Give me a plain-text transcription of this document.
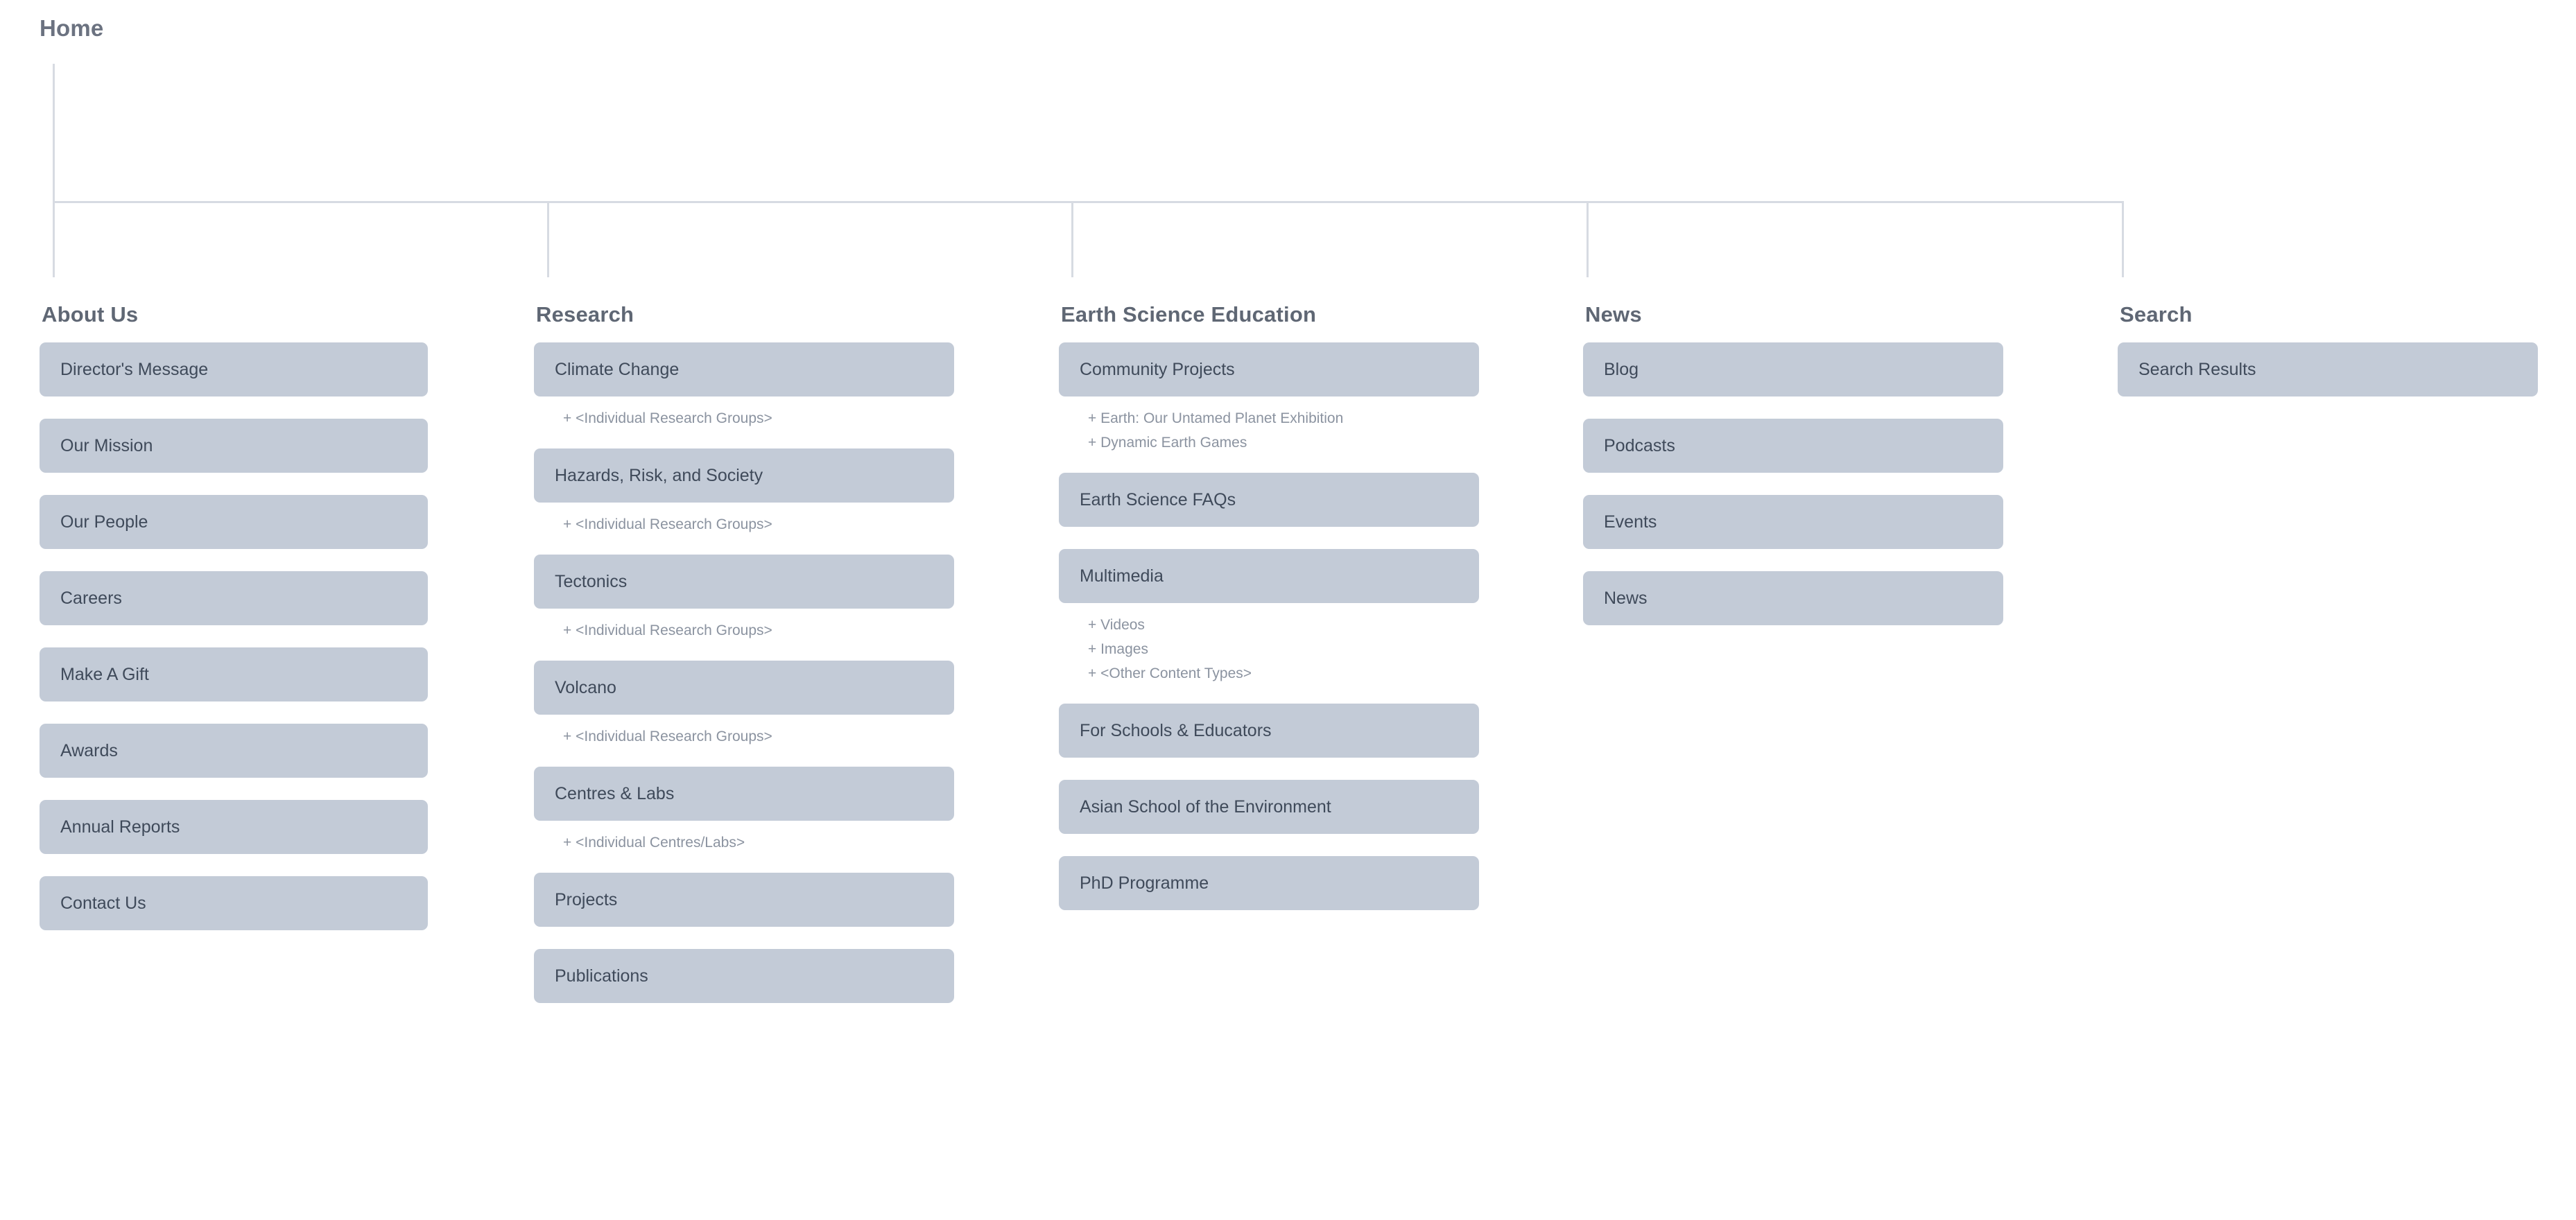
Home
About Us
Director's Message
Our Mission
Our People
Careers
Make A Gift
Awards
Annual Reports
Contact Us
Research
Climate Change
+ <Individual Research Groups>
Hazards, Risk, and Society
+ <Individual Research Groups>
Tectonics
+ <Individual Research Groups>
Volcano
+ <Individual Research Groups>
Centres & Labs
+ <Individual Centres/Labs>
Projects
Publications
Earth Science Education
Community Projects
+ Earth: Our Untamed Planet Exhibition
+ Dynamic Earth Games
Earth Science FAQs
Multimedia
+ Videos
+ Images
+ <Other Content Types>
For Schools & Educators
Asian School of the Environment
PhD Programme
News
Blog
Podcasts
Events
News
Search
Search Results
